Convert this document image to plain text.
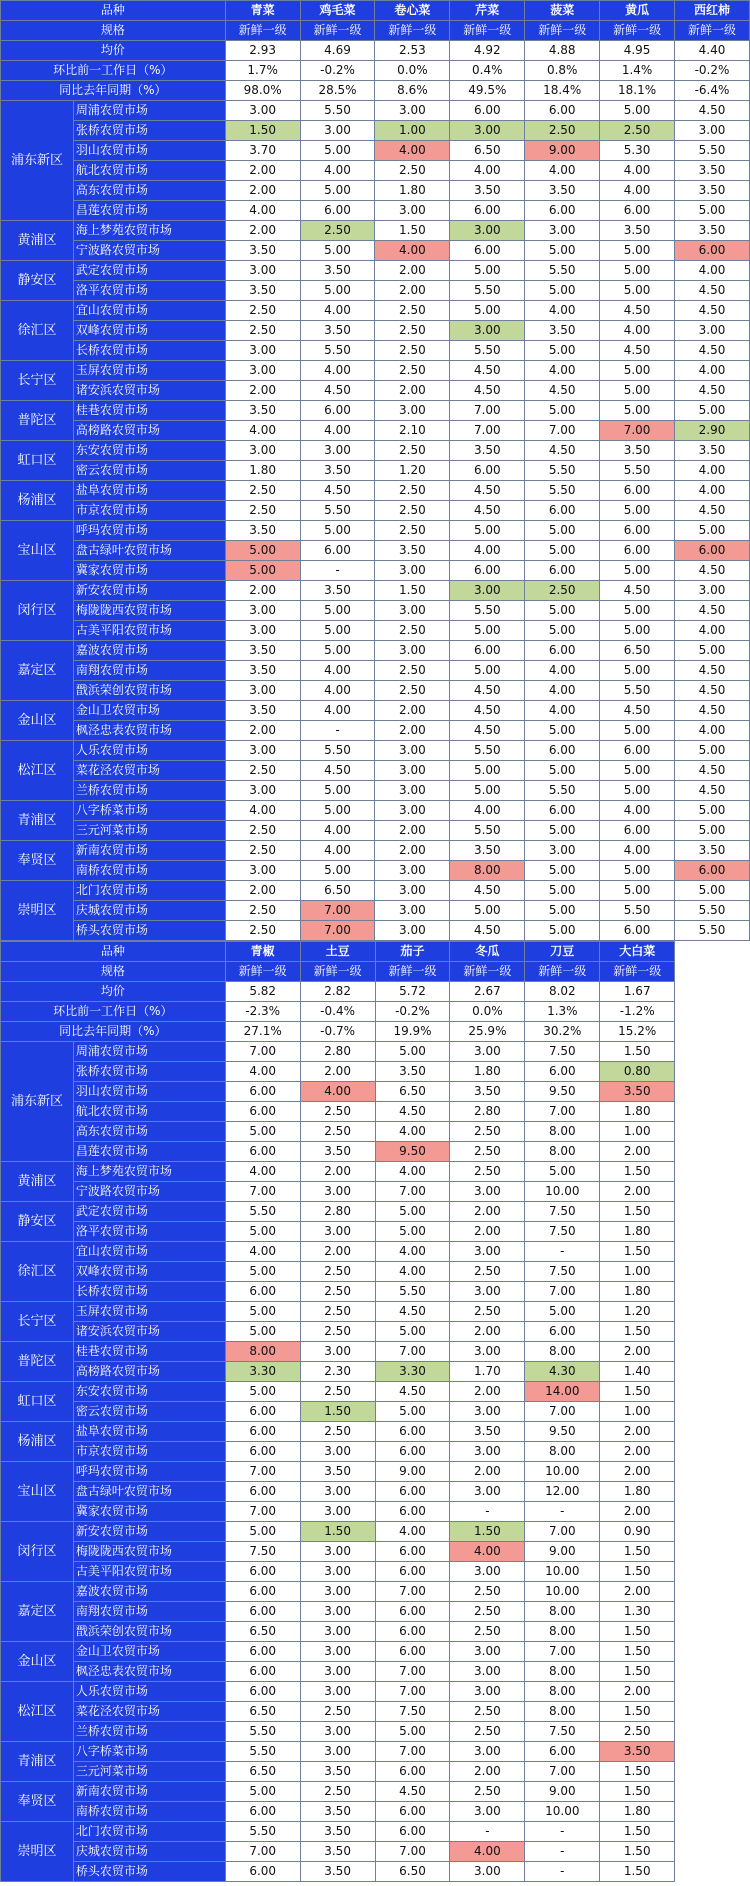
品种		青菜	鸡毛菜	卷心菜	芹菜	菠菜	黄瓜	西红柿
规格		新鲜一级	新鲜一级	新鲜一级	新鲜一级	新鲜一级	新鲜一级	新鲜一级
均价		2.93	4.69	2.53	4.92	4.88	4.95	4.40
环比前一工作日（%）		1.7%	-0.2%	0.0%	0.4%	0.8%	1.4%	-0.2%
同比去年同期（%）		98.0%	28.5%	8.6%	49.5%	18.4%	18.1%	-6.4%
浦东新区	周浦农贸市场	3.00	5.50	3.00	6.00	6.00	5.00	4.50
	张桥农贸市场	1.50	3.00	1.00	3.00	2.50	2.50	3.00
	羽山农贸市场	3.70	5.00	4.00	6.50	9.00	5.30	5.50
	航北农贸市场	2.00	4.00	2.50	4.00	4.00	4.00	3.50
	高东农贸市场	2.00	5.00	1.80	3.50	3.50	4.00	3.50
	昌莲农贸市场	4.00	6.00	3.00	6.00	6.00	6.00	5.00
黄浦区	海上梦苑农贸市场	2.00	2.50	1.50	3.00	3.00	3.50	3.50
	宁波路农贸市场	3.50	5.00	4.00	6.00	5.00	5.00	6.00
静安区	武定农贸市场	3.00	3.50	2.00	5.00	5.50	5.00	4.00
	洛平农贸市场	3.50	5.00	2.00	5.50	5.00	5.00	4.50
徐汇区	宜山农贸市场	2.50	4.00	2.50	5.00	4.00	4.50	4.50
	双峰农贸市场	2.50	3.50	2.50	3.00	3.50	4.00	3.00
	长桥农贸市场	3.00	5.50	2.50	5.50	5.00	4.50	4.50
长宁区	玉屏农贸市场	3.00	4.00	2.50	4.50	4.00	5.00	4.00
	诸安浜农贸市场	2.00	4.50	2.00	4.50	4.50	5.00	4.50
普陀区	桂巷农贸市场	3.50	6.00	3.00	7.00	5.00	5.00	5.00
	高榜路农贸市场	4.00	4.00	2.10	7.00	7.00	7.00	2.90
虹口区	东安农贸市场	3.00	3.00	2.50	3.50	4.50	3.50	3.50
	密云农贸市场	1.80	3.50	1.20	6.00	5.50	5.50	4.00
杨浦区	盐阜农贸市场	2.50	4.50	2.50	4.50	5.50	6.00	4.00
	市京农贸市场	2.50	5.50	2.50	4.50	6.00	5.00	4.50
宝山区	呼玛农贸市场	3.50	5.00	2.50	5.00	5.00	6.00	5.00
	盘古绿叶农贸市场	5.00	6.00	3.50	4.00	5.00	6.00	6.00
	冀家农贸市场	5.00	-	3.00	6.00	6.00	5.00	4.50
闵行区	新安农贸市场	2.00	3.50	1.50	3.00	2.50	4.50	3.00
	梅陇陇西农贸市场	3.00	5.00	3.00	5.50	5.00	5.00	4.50
	古美平阳农贸市场	3.00	5.00	2.50	5.00	5.00	5.00	4.00
嘉定区	嘉波农贸市场	3.50	5.00	3.00	6.00	6.00	6.50	5.00
	南翔农贸市场	3.50	4.00	2.50	5.00	4.00	5.00	4.50
	戬浜荣创农贸市场	3.00	4.00	2.50	4.50	4.00	5.50	4.50
金山区	金山卫农贸市场	3.50	4.00	2.00	4.50	4.00	4.50	4.50
	枫泾忠表农贸市场	2.00	-	2.00	4.50	5.00	5.00	4.00
松江区	人乐农贸市场	3.00	5.50	3.00	5.50	6.00	6.00	5.00
	菜花泾农贸市场	2.50	4.50	3.00	5.00	5.00	5.00	4.50
	兰桥农贸市场	3.00	5.00	3.00	5.00	5.50	5.00	4.50
青浦区	八字桥菜市场	4.00	5.00	3.00	4.00	6.00	4.00	5.00
	三元河菜市场	2.50	4.00	2.00	5.50	5.00	6.00	5.00
奉贤区	新南农贸市场	2.50	4.00	2.00	3.50	3.00	4.00	3.50
	南桥农贸市场	3.00	5.00	3.00	8.00	5.00	5.00	6.00
崇明区	北门农贸市场	2.00	6.50	3.00	4.50	5.00	5.00	5.00
	庆城农贸市场	2.50	7.00	3.00	5.00	5.00	5.50	5.50
	桥头农贸市场	2.50	7.00	3.00	4.50	5.00	6.00	5.50
品种		青椒	土豆	茄子	冬瓜	刀豆	大白菜	
规格		新鲜一级	新鲜一级	新鲜一级	新鲜一级	新鲜一级	新鲜一级	
均价		5.82	2.82	5.72	2.67	8.02	1.67	
环比前一工作日（%）		-2.3%	-0.4%	-0.2%	0.0%	1.3%	-1.2%	
同比去年同期（%）		27.1%	-0.7%	19.9%	25.9%	30.2%	15.2%	
浦东新区	周浦农贸市场	7.00	2.80	5.00	3.00	7.50	1.50	
	张桥农贸市场	4.00	2.00	3.50	1.80	6.00	0.80	
	羽山农贸市场	6.00	4.00	6.50	3.50	9.50	3.50	
	航北农贸市场	6.00	2.50	4.50	2.80	7.00	1.80	
	高东农贸市场	5.00	2.50	4.00	2.50	8.00	1.00	
	昌莲农贸市场	6.00	3.50	9.50	2.50	8.00	2.00	
黄浦区	海上梦苑农贸市场	4.00	2.00	4.00	2.50	5.00	1.50	
	宁波路农贸市场	7.00	3.00	7.00	3.00	10.00	2.00	
静安区	武定农贸市场	5.50	2.80	5.00	2.00	7.50	1.50	
	洛平农贸市场	5.00	3.00	5.00	2.00	7.50	1.80	
徐汇区	宜山农贸市场	4.00	2.00	4.00	3.00	-	1.50	
	双峰农贸市场	5.00	2.50	4.00	2.50	7.50	1.00	
	长桥农贸市场	6.00	2.50	5.50	3.00	7.00	1.80	
长宁区	玉屏农贸市场	5.00	2.50	4.50	2.50	5.00	1.20	
	诸安浜农贸市场	5.00	2.50	5.00	2.00	6.00	1.50	
普陀区	桂巷农贸市场	8.00	3.00	7.00	3.00	8.00	2.00	
	高榜路农贸市场	3.30	2.30	3.30	1.70	4.30	1.40	
虹口区	东安农贸市场	5.00	2.50	4.50	2.00	14.00	1.50	
	密云农贸市场	6.00	1.50	5.00	3.00	7.00	1.00	
杨浦区	盐阜农贸市场	6.00	2.50	6.00	3.50	9.50	2.00	
	市京农贸市场	6.00	3.00	6.00	3.00	8.00	2.00	
宝山区	呼玛农贸市场	7.00	3.50	9.00	2.00	10.00	2.00	
	盘古绿叶农贸市场	6.00	3.00	6.00	3.00	12.00	1.80	
	冀家农贸市场	7.00	3.00	6.00	-	-	2.00	
闵行区	新安农贸市场	5.00	1.50	4.00	1.50	7.00	0.90	
	梅陇陇西农贸市场	7.50	3.00	6.00	4.00	9.00	1.50	
	古美平阳农贸市场	6.00	3.00	6.00	3.00	10.00	1.50	
嘉定区	嘉波农贸市场	6.00	3.00	7.00	2.50	10.00	2.00	
	南翔农贸市场	6.00	3.00	6.00	2.50	8.00	1.30	
	戬浜荣创农贸市场	6.50	3.00	6.00	2.50	8.00	1.50	
金山区	金山卫农贸市场	6.00	3.00	6.00	3.00	7.00	1.50	
	枫泾忠表农贸市场	6.00	3.00	7.00	3.00	8.00	1.50	
松江区	人乐农贸市场	6.00	3.00	7.00	3.00	8.00	2.00	
	菜花泾农贸市场	6.50	2.50	7.50	2.50	8.00	1.50	
	兰桥农贸市场	5.50	3.00	5.00	2.50	7.50	2.50	
青浦区	八字桥菜市场	5.50	3.00	7.00	3.00	6.00	3.50	
	三元河菜市场	6.50	3.50	6.00	2.00	7.00	1.50	
奉贤区	新南农贸市场	5.00	2.50	4.50	2.50	9.00	1.50	
	南桥农贸市场	6.00	3.50	6.00	3.00	10.00	1.80	
崇明区	北门农贸市场	5.50	3.50	6.00	-	-	1.50	
	庆城农贸市场	7.00	3.50	7.00	4.00	-	1.50	
	桥头农贸市场	6.00	3.50	6.50	3.00	-	1.50	
